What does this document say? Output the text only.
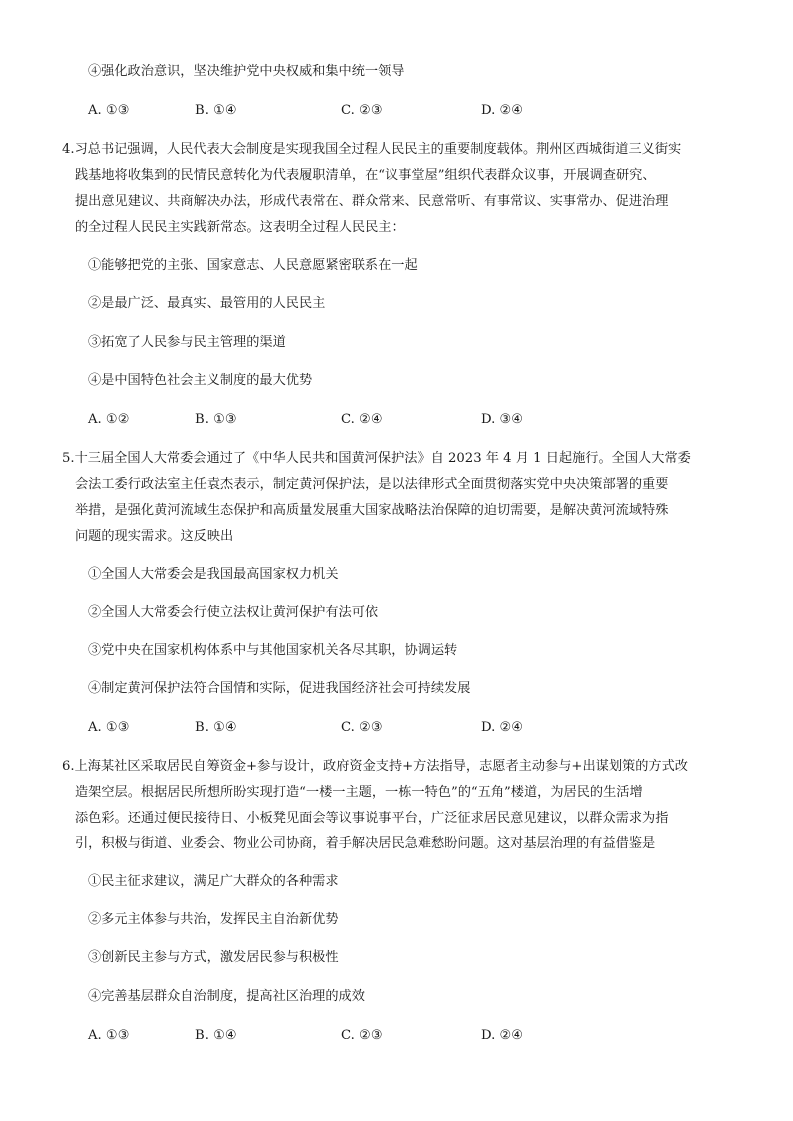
④强化政治意识，坚决维护党中央权威和集中统一领导
A. ①③	B. ①④	C. ②③	D. ②④
4.习总书记强调，人民代表大会制度是实现我国全过程人民民主的重要制度载体。荆州区西城街道三义街实
践基地将收集到的民情民意转化为代表履职清单，在“议事堂屋”组织代表群众议事，开展调查研究、
提出意见建议、共商解决办法，形成代表常在、群众常来、民意常听、有事常议、实事常办、促进治理
的全过程人民民主实践新常态。这表明全过程人民民主：
①能够把党的主张、国家意志、人民意愿紧密联系在一起
②是最广泛、最真实、最管用的人民民主
③拓宽了人民参与民主管理的渠道
④是中国特色社会主义制度的最大优势
A. ①②	B. ①③	C. ②④	D. ③④
5.十三届全国人大常委会通过了《中华人民共和国黄河保护法》自 2023 年 4 月 1 日起施行。全国人大常委
会法工委行政法室主任袁杰表示，制定黄河保护法，是以法律形式全面贯彻落实党中央决策部署的重要
举措，是强化黄河流域生态保护和高质量发展重大国家战略法治保障的迫切需要，是解决黄河流域特殊
问题的现实需求。这反映出
①全国人大常委会是我国最高国家权力机关
②全国人大常委会行使立法权让黄河保护有法可依
③党中央在国家机构体系中与其他国家机关各尽其职，协调运转
④制定黄河保护法符合国情和实际，促进我国经济社会可持续发展
A. ①③	B. ①④	C. ②③	D. ②④
6.上海某社区采取居民自筹资金+参与设计，政府资金支持+方法指导，志愿者主动参与+出谋划策的方式改
造架空层。根据居民所想所盼实现打造“一楼一主题，一栋一特色”的“五角”楼道，为居民的生活增
添色彩。还通过便民接待日、小板凳见面会等议事说事平台，广泛征求居民意见建议，以群众需求为指
引，积极与街道、业委会、物业公司协商，着手解决居民急难愁盼问题。这对基层治理的有益借鉴是
①民主征求建议，满足广大群众的各种需求
②多元主体参与共治，发挥民主自治新优势
③创新民主参与方式，激发居民参与积极性
④完善基层群众自治制度，提高社区治理的成效
A. ①③	B. ①④	C. ②③	D. ②④
